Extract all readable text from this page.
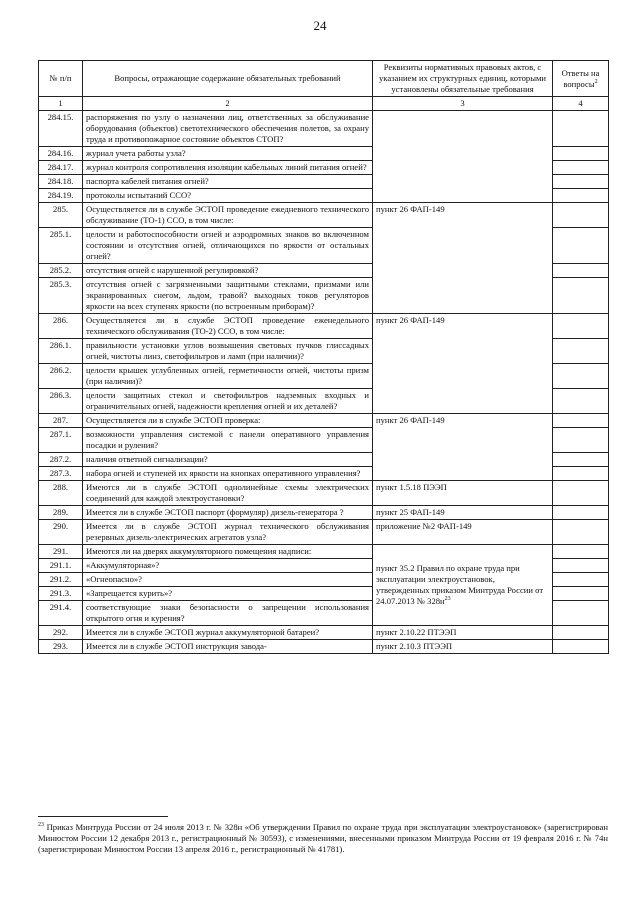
24
№ п/п	Вопросы, отражающие содержание обязательных требований	Реквизиты нормативных правовых актов, с указанием их структурных единиц, которыми установлены обязательные требования	Ответы на вопросы$^2$
1	2	3	4
284.15.	распоряжения по узлу о назначении лиц, ответственных за обслуживание оборудования (объектов) светотехнического обеспечения полетов, за охрану труда и противопожарное состояние объектов СТОП?		
284.16.	журнал учета работы узла?		
284.17.	журнал контроля сопротивления изоляции кабельных линий питания огней?		
284.18.	паспорта кабелей питания огней?		
284.19.	протоколы испытаний ССО?		
285.	Осуществляется ли в службе ЭСТОП проведение ежедневного технического обслуживание (ТО-1) ССО, в том числе:	пункт 26 ФАП-149	
285.1.	целости и работоспособности огней и аэродромных знаков во включенном состоянии и отсутствия огней, отличающихся по яркости от остальных огней?		
285.2.	отсутствия огней с нарушенной регулировкой?		
285.3.	отсутствия огней с загрязненными защитными стеклами, призмами или экранированных снегом, льдом, травой? выходных токов регуляторов яркости на всех ступенях яркости (по встроенным приборам)?		
286.	Осуществляется ли в службе ЭСТОП проведение еженедельного технического обслуживания (ТО-2) ССО, в том числе:	пункт 26 ФАП-149	
286.1.	правильности установки углов возвышения световых пучков глиссадных огней, чистоты линз, светофильтров и ламп (при наличии)?		
286.2.	целости крышек углубленных огней, герметичности огней, чистоты призм (при наличии)?		
286.3.	целости защитных стекол и светофильтров надземных входных и ограничительных огней, надежности крепления огней и их деталей?		
287.	Осуществляется ли в службе ЭСТОП проверка:	пункт 26 ФАП-149	
287.1.	возможности управления системой с панели оперативного управления посадки и руления?		
287.2.	наличия ответной сигнализации?		
287.3.	набора огней и ступеней их яркости на кнопках оперативного управления?		
288.	Имеются ли в службе ЭСТОП однолинейные схемы электрических соединений для каждой электроустановки?	пункт 1.5.18 ПЭЭП	
289.	Имеется ли в службе ЭСТОП паспорт (формуляр) дизель-генератора ?	пункт 25 ФАП-149	
290.	Имеется ли в службе ЭСТОП журнал технического обслуживания резервных дизель-электрических агрегатов узла?	приложение №2 ФАП-149	
291.	Имеются ли на дверях аккумуляторного помещения надписи:	пункт 35.2 Правил по охране труда при эксплуатации электроустановок, утвержденных приказом Минтруда России от 24.07.2013 № $328н^{23}$	
291.1.	«Аккумуляторная»?		
291.2.	«Огнеопасно»?		
291.3.	«Запрещается курить»?		
291.4.	соответствующие знаки безопасности о запрещении использования открытого огня и курения?		
292.	Имеется ли в службе ЭСТОП журнал аккумуляторной батареи?	пункт 2.10.22 ПТЭЭП	
293.	Имеется ли в службе ЭСТОП инструкция завода-	пункт 2.10.3 ПТЭЭП	
$^{23}$ Приказ Минтруда России от 24 июля 2013 г. № 328н «Об утверждении Правил по охране труда при эксплуатации электроустановок» (зарегистрирован Минюстом России 12 декабря 2013 г., регистрационный № 30593), с изменениями, внесенными приказом Минтруда России от 19 февраля 2016 г. № 74н (зарегистрирован Минюстом России 13 апреля 2016 г., регистрационный № 41781).
